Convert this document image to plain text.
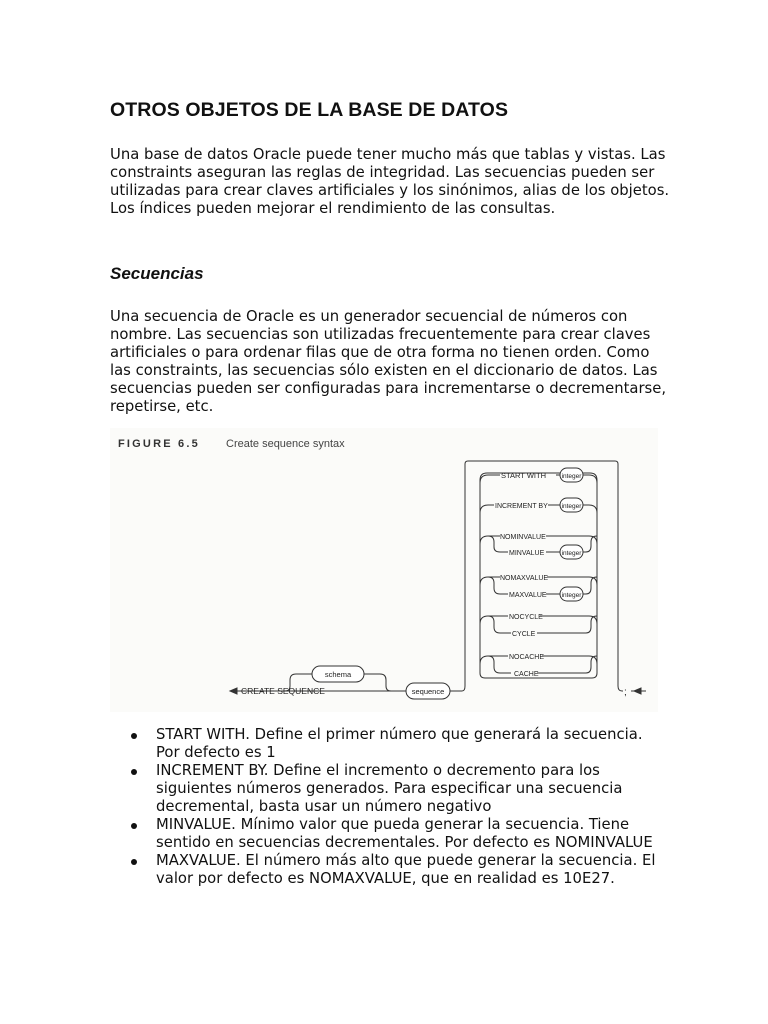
OTROS OBJETOS DE LA BASE DE DATOS

Una base de datos Oracle puede tener mucho más que tablas y vistas. Las constraints aseguran las reglas de integridad. Las secuencias pueden ser utilizadas para crear claves artificiales y los sinónimos, alias de los objetos. Los índices pueden mejorar el rendimiento de las consultas.

Secuencias

Una secuencia de Oracle es un generador secuencial de números con nombre. Las secuencias son utilizadas frecuentemente para crear claves artificiales o para ordenar filas que de otra forma no tienen orden. Como las constraints, las secuencias sólo existen en el diccionario de datos. Las secuencias pueden ser configuradas para incrementarse o decrementarse, repetirse, etc.

FIGURE 6.5 Create sequence syntax
CREATE SEQUENCE
schema
sequence
START WITH
INCREMENT BY
NOMINVALUE
MINVALUE
NOMAXVALUE
MAXVALUE
NOCYCLE
CYCLE
NOCACHE
CACHE
integer
integer
integer
integer
;
START WITH. Define el primer número que generará la secuencia. Por defecto es 1
INCREMENT BY. Define el incremento o decremento para los siguientes números generados. Para especificar una secuencia decremental, basta usar un número negativo
MINVALUE. Mínimo valor que pueda generar la secuencia. Tiene sentido en secuencias decrementales. Por defecto es NOMINVALUE
MAXVALUE. El número más alto que puede generar la secuencia. El valor por defecto es NOMAXVALUE, que en realidad es 10E27.
